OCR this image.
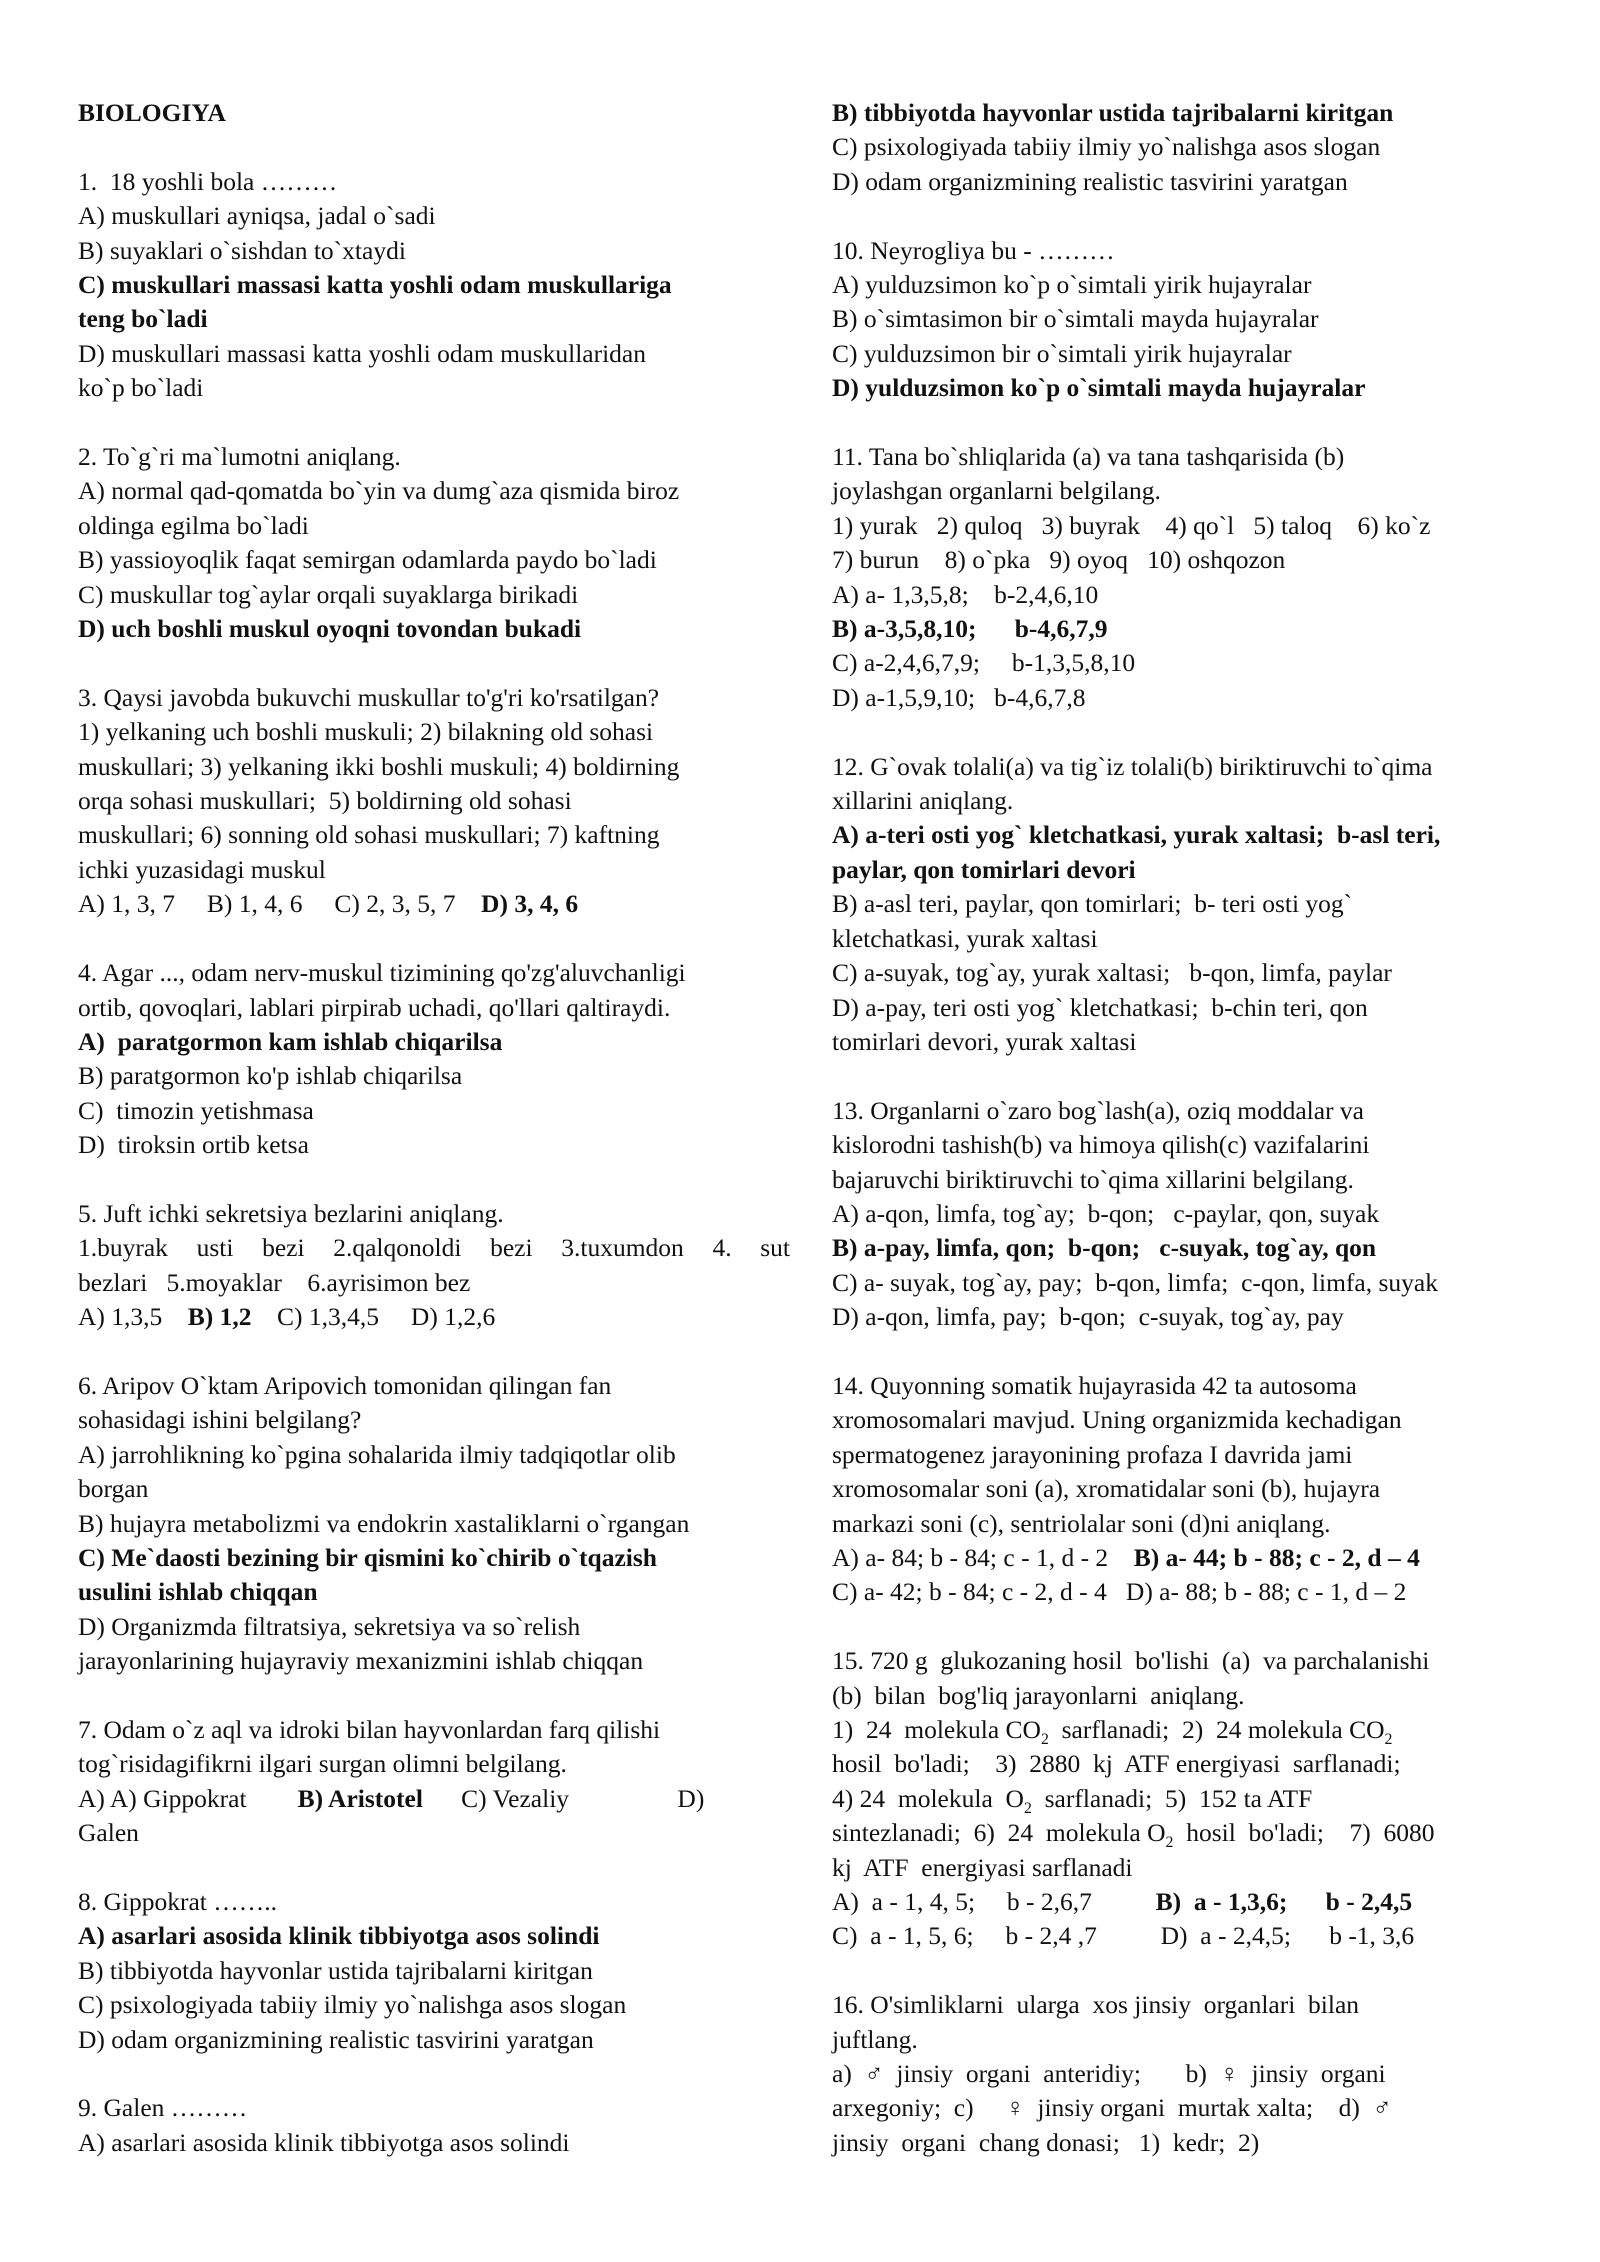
BIOLOGIYA
1.  18 yoshli bola ………
A) muskullari ayniqsa, jadal o`sadi
B) suyaklari o`sishdan to`xtaydi
C) muskullari massasi katta yoshli odam muskullariga
teng bo`ladi
D) muskullari massasi katta yoshli odam muskullaridan
ko`p bo`ladi
2. To`g`ri ma`lumotni aniqlang.
A) normal qad-qomatda bo`yin va dumg`aza qismida biroz
oldinga egilma bo`ladi
B) yassioyoqlik faqat semirgan odamlarda paydo bo`ladi
C) muskullar tog`aylar orqali suyaklarga birikadi
D) uch boshli muskul oyoqni tovondan bukadi
3. Qaysi javobda bukuvchi muskullar to'g'ri ko'rsatilgan?
1) yelkaning uch boshli muskuli; 2) bilakning old sohasi
muskullari; 3) yelkaning ikki boshli muskuli; 4) boldirning
orqa sohasi muskullari;  5) boldirning old sohasi
muskullari; 6) sonning old sohasi muskullari; 7) kaftning
ichki yuzasidagi muskul
A) 1, 3, 7     B) 1, 4, 6     C) 2, 3, 5, 7    D) 3, 4, 6
4. Agar ..., odam nerv-muskul tizimining qo'zg'aluvchanligi
ortib, qovoqlari, lablari pirpirab uchadi, qo'llari qaltiraydi.
A)  paratgormon kam ishlab chiqarilsa
B) paratgormon ko'p ishlab chiqarilsa
C)  timozin yetishmasa
D)  tiroksin ortib ketsa
5. Juft ichki sekretsiya bezlarini aniqlang.
1.buyrak usti bezi 2.qalqonoldi bezi 3.tuxumdon 4. sut
bezlari   5.moyaklar    6.ayrisimon bez
A) 1,3,5    B) 1,2    C) 1,3,4,5     D) 1,2,6
6. Aripov O`ktam Aripovich tomonidan qilingan fan
sohasidagi ishini belgilang?
A) jarrohlikning ko`pgina sohalarida ilmiy tadqiqotlar olib
borgan
B) hujayra metabolizmi va endokrin xastaliklarni o`rgangan
C) Me`daosti bezining bir qismini ko`chirib o`tqazish
usulini ishlab chiqqan
D) Organizmda filtratsiya, sekretsiya va so`relish
jarayonlarining hujayraviy mexanizmini ishlab chiqqan
7. Odam o`z aql va idroki bilan hayvonlardan farq qilishi
tog`risidagifikrni ilgari surgan olimni belgilang.
A) A) Gippokrat        B) Aristotel      C) Vezaliy                 D)
Galen
8. Gippokrat ……..
A) asarlari asosida klinik tibbiyotga asos solindi
B) tibbiyotda hayvonlar ustida tajribalarni kiritgan
C) psixologiyada tabiiy ilmiy yo`nalishga asos slogan
D) odam organizmining realistic tasvirini yaratgan
9. Galen ………
A) asarlari asosida klinik tibbiyotga asos solindi
B) tibbiyotda hayvonlar ustida tajribalarni kiritgan
C) psixologiyada tabiiy ilmiy yo`nalishga asos slogan
D) odam organizmining realistic tasvirini yaratgan
10. Neyrogliya bu - ………
A) yulduzsimon ko`p o`simtali yirik hujayralar
B) o`simtasimon bir o`simtali mayda hujayralar
C) yulduzsimon bir o`simtali yirik hujayralar
D) yulduzsimon ko`p o`simtali mayda hujayralar
11. Tana bo`shliqlarida (a) va tana tashqarisida (b)
joylashgan organlarni belgilang.
1) yurak   2) quloq   3) buyrak    4) qo`l   5) taloq    6) ko`z
7) burun    8) o`pka   9) oyoq   10) oshqozon
A) a- 1,3,5,8;    b-2,4,6,10
B) a-3,5,8,10;      b-4,6,7,9
C) a-2,4,6,7,9;     b-1,3,5,8,10
D) a-1,5,9,10;   b-4,6,7,8
12. G`ovak tolali(a) va tig`iz tolali(b) biriktiruvchi to`qima
xillarini aniqlang.
A) a-teri osti yog` kletchatkasi, yurak xaltasi;  b-asl teri,
paylar, qon tomirlari devori
B) a-asl teri, paylar, qon tomirlari;  b- teri osti yog`
kletchatkasi, yurak xaltasi
C) a-suyak, tog`ay, yurak xaltasi;   b-qon, limfa, paylar
D) a-pay, teri osti yog` kletchatkasi;  b-chin teri, qon
tomirlari devori, yurak xaltasi
13. Organlarni o`zaro bog`lash(a), oziq moddalar va
kislorodni tashish(b) va himoya qilish(c) vazifalarini
bajaruvchi biriktiruvchi to`qima xillarini belgilang.
A) a-qon, limfa, tog`ay;  b-qon;   c-paylar, qon, suyak
B) a-pay, limfa, qon;  b-qon;   c-suyak, tog`ay, qon
C) a- suyak, tog`ay, pay;  b-qon, limfa;  c-qon, limfa, suyak
D) a-qon, limfa, pay;  b-qon;  c-suyak, tog`ay, pay
14. Quyonning somatik hujayrasida 42 ta autosoma
xromosomalari mavjud. Uning organizmida kechadigan
spermatogenez jarayonining profaza I davrida jami
xromosomalar soni (a), xromatidalar soni (b), hujayra
markazi soni (c), sentriolalar soni (d)ni aniqlang.
A) a- 84; b - 84; c - 1, d - 2    B) a- 44; b - 88; c - 2, d – 4
C) a- 42; b - 84; c - 2, d - 4   D) a- 88; b - 88; c - 1, d – 2
15. 720 g  glukozaning hosil  bo'lishi  (a)  va parchalanishi
(b)  bilan  bog'liq jarayonlarni  aniqlang.
1)  24  molekula $CO_2$  sarflanadi;  2)  24 molekula $CO_2$
hosil  bo'ladi;    3)  2880  kj  ATF energiyasi  sarflanadi;
4) 24  molekula  $O_2$  sarflanadi;  5)  152 ta ATF
sintezlanadi;  6)  24  molekula $O_2$  hosil  bo'ladi;    7)  6080
kj  ATF  energiyasi sarflanadi
A)  a - 1, 4, 5;     b - 2,6,7          B)  a - 1,3,6;      b - 2,4,5
C)  a - 1, 5, 6;     b - 2,4 ,7          D)  a - 2,4,5;      b -1, 3,6
16. O'simliklarni  ularga  xos jinsiy  organlari  bilan
juftlang.
a)  ♂  jinsiy  organi  anteridiy;       b)  ♀  jinsiy  organi
arxegoniy;  c)     ♀  jinsiy organi  murtak xalta;    d)  ♂
jinsiy  organi  chang donasi;   1)  kedr;  2)
